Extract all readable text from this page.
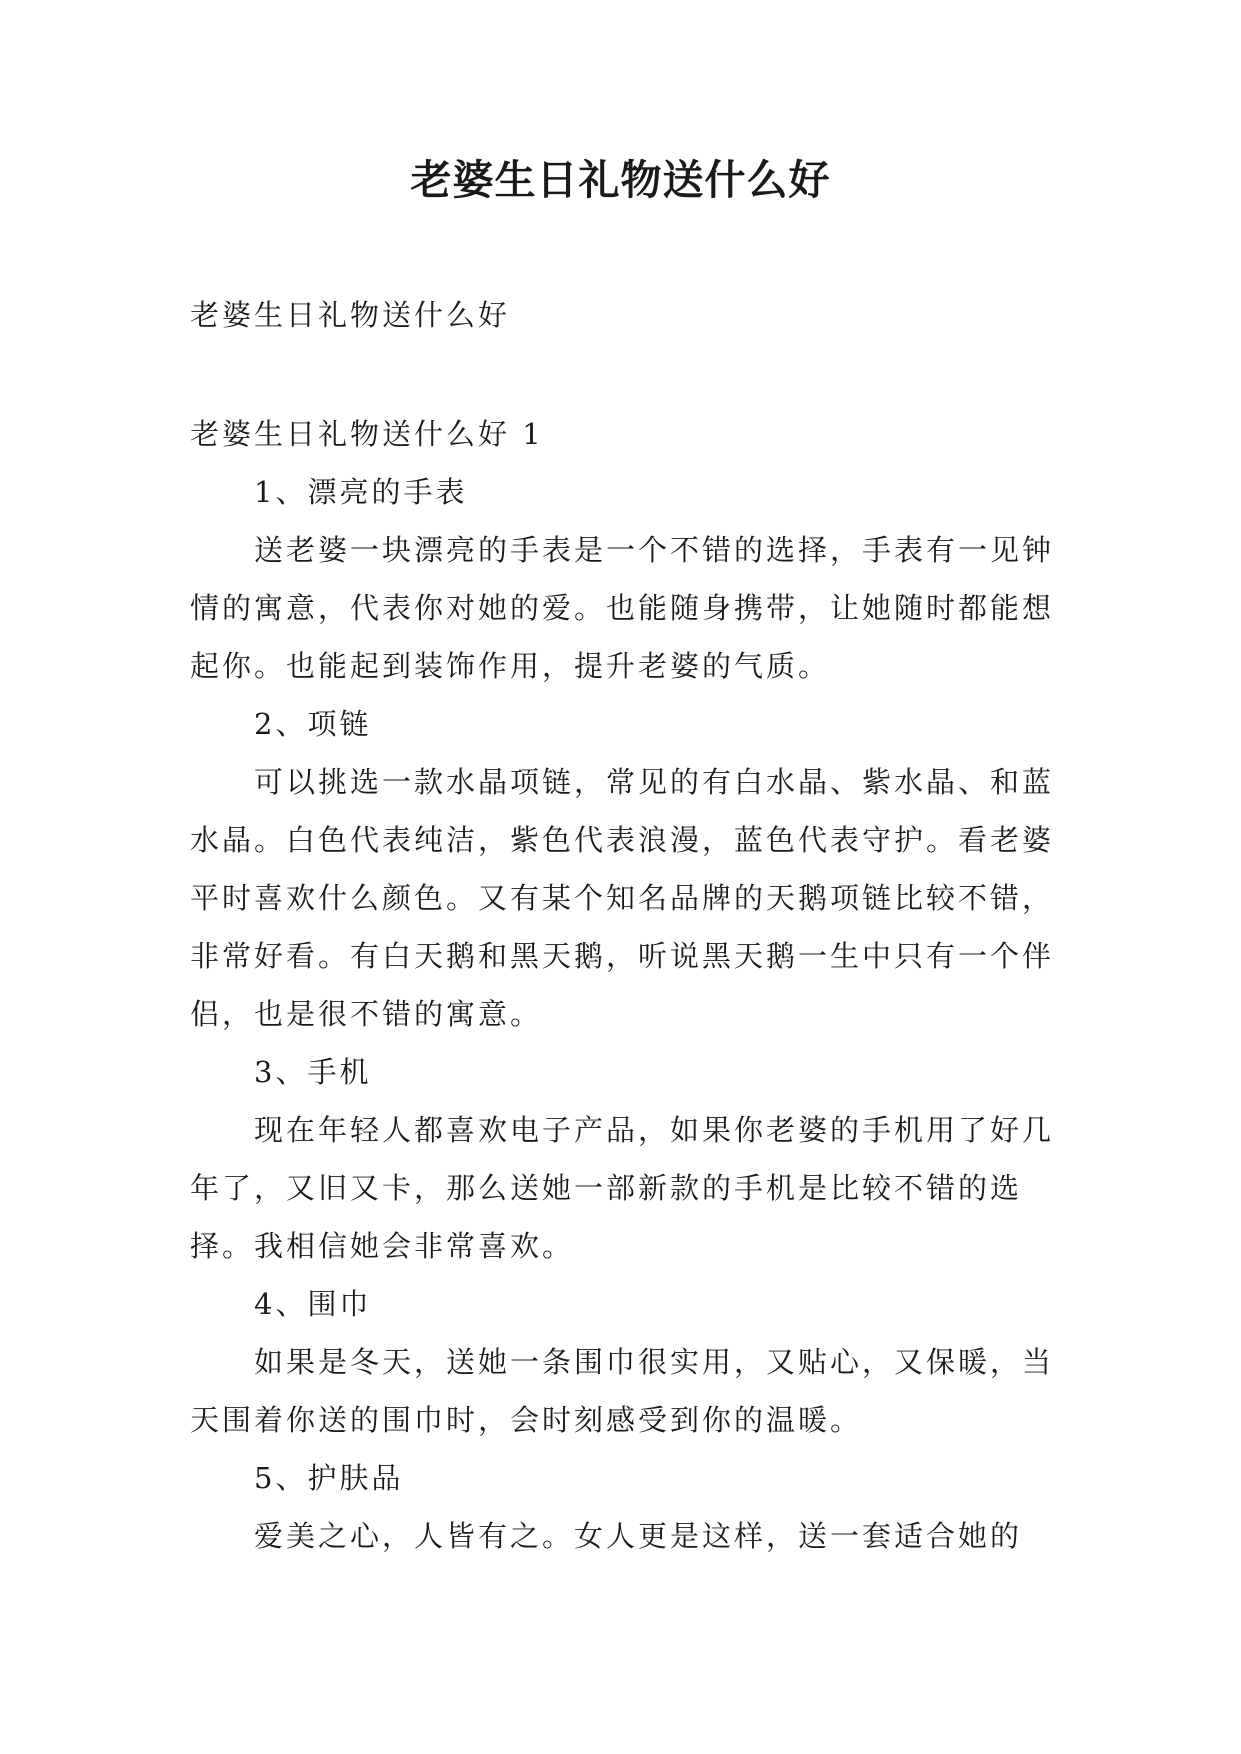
老婆生日礼物送什么好

老婆生日礼物送什么好

老婆生日礼物送什么好 1

1、漂亮的手表

送老婆一块漂亮的手表是一个不错的选择，手表有一见钟情的寓意，代表你对她的爱。也能随身携带，让她随时都能想起你。也能起到装饰作用，提升老婆的气质。

2、项链

可以挑选一款水晶项链，常见的有白水晶、紫水晶、和蓝水晶。白色代表纯洁，紫色代表浪漫，蓝色代表守护。看老婆平时喜欢什么颜色。又有某个知名品牌的天鹅项链比较不错，非常好看。有白天鹅和黑天鹅，听说黑天鹅一生中只有一个伴侣，也是很不错的寓意。

3、手机

现在年轻人都喜欢电子产品，如果你老婆的手机用了好几年了，又旧又卡，那么送她一部新款的手机是比较不错的选择。我相信她会非常喜欢。

4、围巾

如果是冬天，送她一条围巾很实用，又贴心，又保暖，当天围着你送的围巾时，会时刻感受到你的温暖。

5、护肤品

爱美之心，人皆有之。女人更是这样，送一套适合她的
